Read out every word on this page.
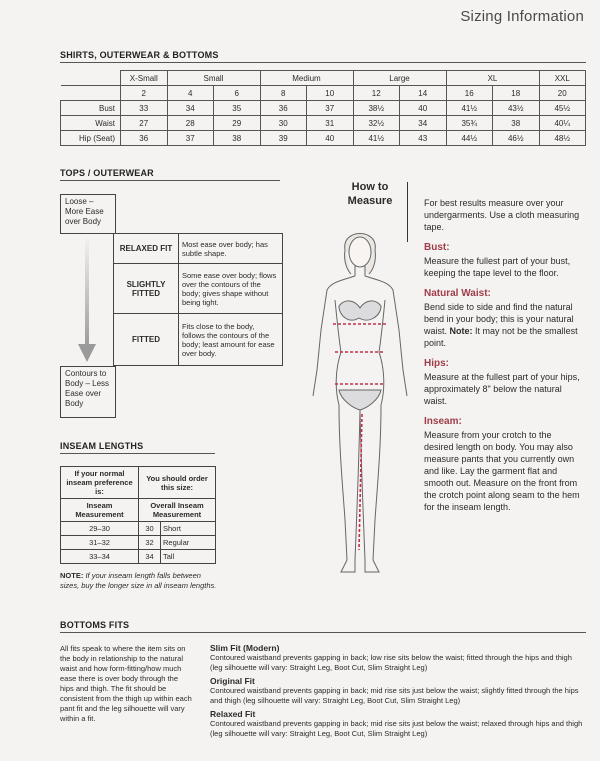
Sizing Information
SHIRTS, OUTERWEAR & BOTTOMS
	X-Small	Small		Medium		Large		XL		XXL
	2	4	6	8	10	12	14	16	18	20
Bust	33	34	35	36	37	38½	40	41½	43½	45½
Waist	27	28	29	30	31	32½	34	35¾	38	40¼
Hip (Seat)	36	37	38	39	40	41½	43	44½	46½	48½
TOPS / OUTERWEAR
Loose – More Ease over Body
Contours to Body – Less Ease over Body
RELAXED FIT	Most ease over body; has subtle shape.
SLIGHTLY FITTED	Some ease over body; flows over the contours of the body; gives shape without being tight.
FITTED	Fits close to the body, follows the contours of the body; least amount for ease over body.
INSEAM LENGTHS
If your normal inseam preference is:	You should order this size:	
Inseam Measurement	Overall Inseam Measurement	
29–30	30	Short
31–32	32	Regular
33–34	34	Tall
NOTE: If your inseam length falls between sizes, buy the longer size in all inseam lengths.
How to Measure	For best results measure over your undergarments. Use a cloth measuring tape.

Bust:

Measure the fullest part of your bust, keeping the tape level to the floor.

Natural Waist:

Bend side to side and find the natural bend in your body; this is your natural waist. Note: It may not be the smallest point.

Hips:

Measure at the fullest part of your hips, approximately 8" below the natural waist.

Inseam:

Measure from your crotch to the desired length on body. You may also measure pants that you currently own and like. Lay the garment flat and smooth out. Measure on the front from the crotch point along seam to the hem for the inseam length.

BOTTOMS FITS
All fits speak to where the item sits on the body in relationship to the natural waist and how form-fitting/how much ease there is over body through the hips and thigh. The fit should be consistent from the thigh up within each pant fit and the leg silhouette will vary within a fit.
Slim Fit (Modern)

Contoured waistband prevents gapping in back; low rise sits below the waist; fitted through the hips and thigh (leg silhouette will vary: Straight Leg, Boot Cut, Slim Straight Leg)

Original Fit

Contoured waistband prevents gapping in back; mid rise sits just below the waist; slightly fitted through the hips and thigh (leg silhouette will vary: Straight Leg, Boot Cut, Slim Straight Leg)

Relaxed Fit

Contoured waistband prevents gapping in back; mid rise sits just below the waist; relaxed through hips and thigh (leg silhouette will vary: Straight Leg, Boot Cut, Slim Straight Leg)
